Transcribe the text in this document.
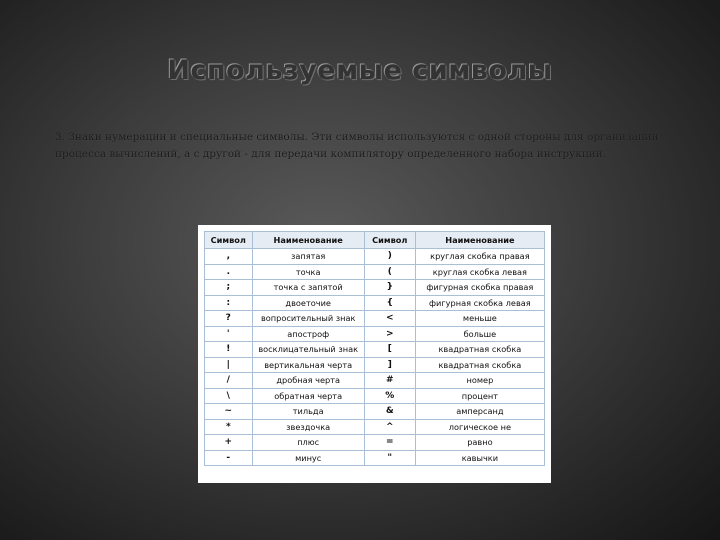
Используемые символы
3. Знаки нумерации и специальные символы. Эти символы используются с одной стороны для организации процесса вычислений, а с другой - для передачи компилятору определенного набора инструкций.
Символ	Наименование	Символ	Наименование
,	запятая	)	круглая скобка правая
.	точка	(	круглая скобка левая
;	точка с запятой	}	фигурная скобка правая
:	двоеточие	{	фигурная скобка левая
?	вопросительный знак	<	меньше
'	апостроф	>	больше
!	восклицательный знак	[	квадратная скобка
|	вертикальная черта	]	квадратная скобка
/	дробная черта	#	номер
\	обратная черта	%	процент
~	тильда	&	амперсанд
*	звездочка	^	логическое не
+	плюс	=	равно
-	минус	"	кавычки
